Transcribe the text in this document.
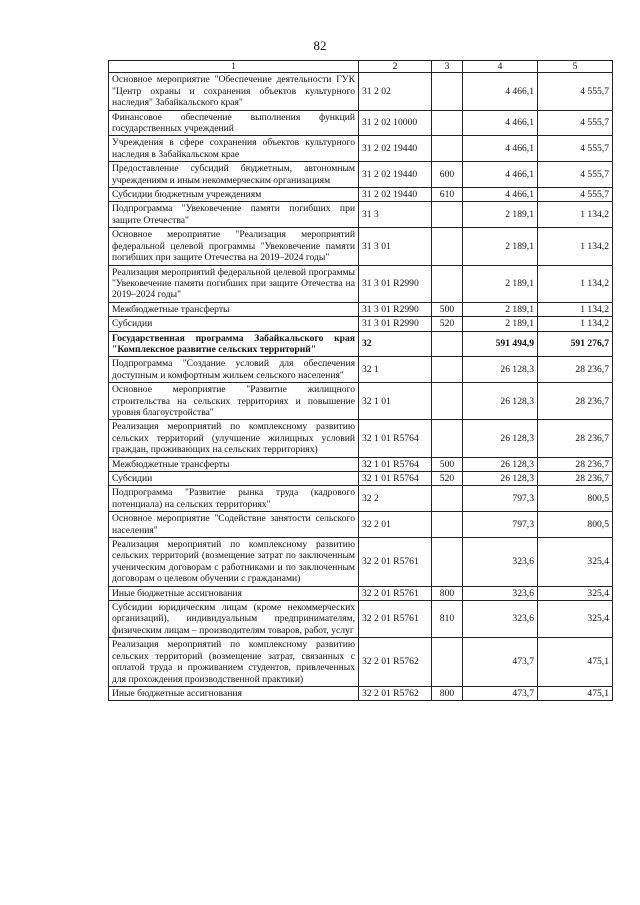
82
1	2	3	4	5
Основное мероприятие "Обеспечение деятельности ГУК "Центр охраны и сохранения объектов культурного наследия" Забайкальского края"	31 2 02		4 466,1	4 555,7
Финансовое обеспечение выполнения функций государственных учреждений	31 2 02 10000		4 466,1	4 555,7
Учреждения в сфере сохранения объектов культурного наследия в Забайкальском крае	31 2 02 19440		4 466,1	4 555,7
Предоставление субсидий бюджетным, автономным учреждениям и иным некоммерческим организациям	31 2 02 19440	600	4 466,1	4 555,7
Субсидии бюджетным учреждениям	31 2 02 19440	610	4 466,1	4 555,7
Подпрограмма "Увековечение памяти погибших при защите Отечества"	31 3		2 189,1	1 134,2
Основное мероприятие "Реализация мероприятий федеральной целевой программы "Увековечение памяти погибших при защите Отечества на 2019–2024 годы"	31 3 01		2 189,1	1 134,2
Реализация мероприятий федеральной целевой программы "Увековечение памяти погибших при защите Отечества на 2019–2024 годы"	31 3 01 R2990		2 189,1	1 134,2
Межбюджетные трансферты	31 3 01 R2990	500	2 189,1	1 134,2
Субсидии	31 3 01 R2990	520	2 189,1	1 134,2
Государственная программа Забайкальского края "Комплексное развитие сельских территорий"	32		591 494,9	591 276,7
Подпрограмма "Создание условий для обеспечения доступным и комфортным жильем сельского населения"	32 1		26 128,3	28 236,7
Основное мероприятие "Развитие жилищного строительства на сельских территориях и повышение уровня благоустройства"	32 1 01		26 128,3	28 236,7
Реализация мероприятий по комплексному развитию сельских территорий (улучшение жилищных условий граждан, проживающих на сельских территориях)	32 1 01 R5764		26 128,3	28 236,7
Межбюджетные трансферты	32 1 01 R5764	500	26 128,3	28 236,7
Субсидии	32 1 01 R5764	520	26 128,3	28 236,7
Подпрограмма "Развитие рынка труда (кадрового потенциала) на сельских территориях"	32 2		797,3	800,5
Основное мероприятие "Содействие занятости сельского населения"	32 2 01		797,3	800,5
Реализация мероприятий по комплексному развитию сельских территорий (возмещение затрат по заключенным ученическим договорам с работниками и по заключенным договорам о целевом обучении с гражданами)	32 2 01 R5761		323,6	325,4
Иные бюджетные ассигнования	32 2 01 R5761	800	323,6	325,4
Субсидии юридическим лицам (кроме некоммерческих организаций), индивидуальным предпринимателям, физическим лицам – производителям товаров, работ, услуг	32 2 01 R5761	810	323,6	325,4
Реализация мероприятий по комплексному развитию сельских территорий (возмещение затрат, связанных с оплатой труда и проживанием студентов, привлеченных для прохождения производственной практики)	32 2 01 R5762		473,7	475,1
Иные бюджетные ассигнования	32 2 01 R5762	800	473,7	475,1
